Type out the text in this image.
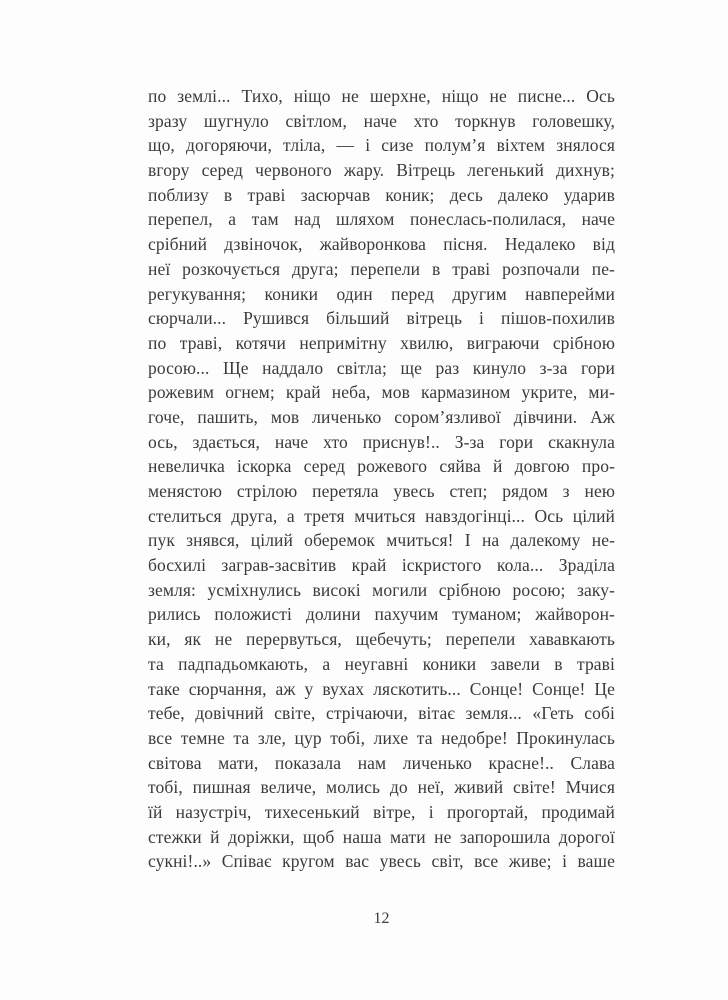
по землі... Тихо, ніщо не шерхне, ніщо не писне... Ось
зразу шугнуло світлом, наче хто торкнув головешку,
що, догоряючи, тліла, — і сизе полум’я віхтем знялося
вгору серед червоного жару. Вітрець легенький дихнув;
поблизу в траві засюрчав коник; десь далеко ударив
перепел, а там над шляхом понеслась-полилася, наче
срібний дзвіночок, жайворонкова пісня. Недалеко від
неї розкочується друга; перепели в траві розпочали пе-
регукування; коники один перед другим навперейми
сюрчали... Рушився більший вітрець і пішов-похилив
по траві, котячи непримітну хвилю, виграючи срібною
росою... Ще наддало світла; ще раз кинуло з-за гори
рожевим огнем; край неба, мов кармазином укрите, ми-
гоче, пашить, мов личенько сором’язливої дівчини. Аж
ось, здається, наче хто приснув!.. З-за гори скакнула
невеличка іскорка серед рожевого сяйва й довгою про-
менястою стрілою перетяла увесь степ; рядом з нею
стелиться друга, а третя мчиться навздогінці... Ось цілий
пук знявся, цілий оберемок мчиться! І на далекому не-
босхилі заграв-засвітив край іскристого кола... Зраділа
земля: усміхнулись високі могили срібною росою; заку-
рились положисті долини пахучим туманом; жайворон-
ки, як не перервуться, щебечуть; перепели хававкають
та падпадьомкають, а неугавні коники завели в траві
таке сюрчання, аж у вухах ляскотить... Сонце! Сонце! Це
тебе, довічний світе, стрічаючи, вітає земля... «Геть собі
все темне та зле, цур тобі, лихе та недобре! Прокинулась
світова мати, показала нам личенько красне!.. Слава
тобі, пишная величе, молись до неї, живий світе! Мчися
їй назустріч, тихесенький вітре, і прогортай, продимай
стежки й доріжки, щоб наша мати не запорошила дорогої
сукні!..» Співає кругом вас увесь світ, все живе; і ваше
12
